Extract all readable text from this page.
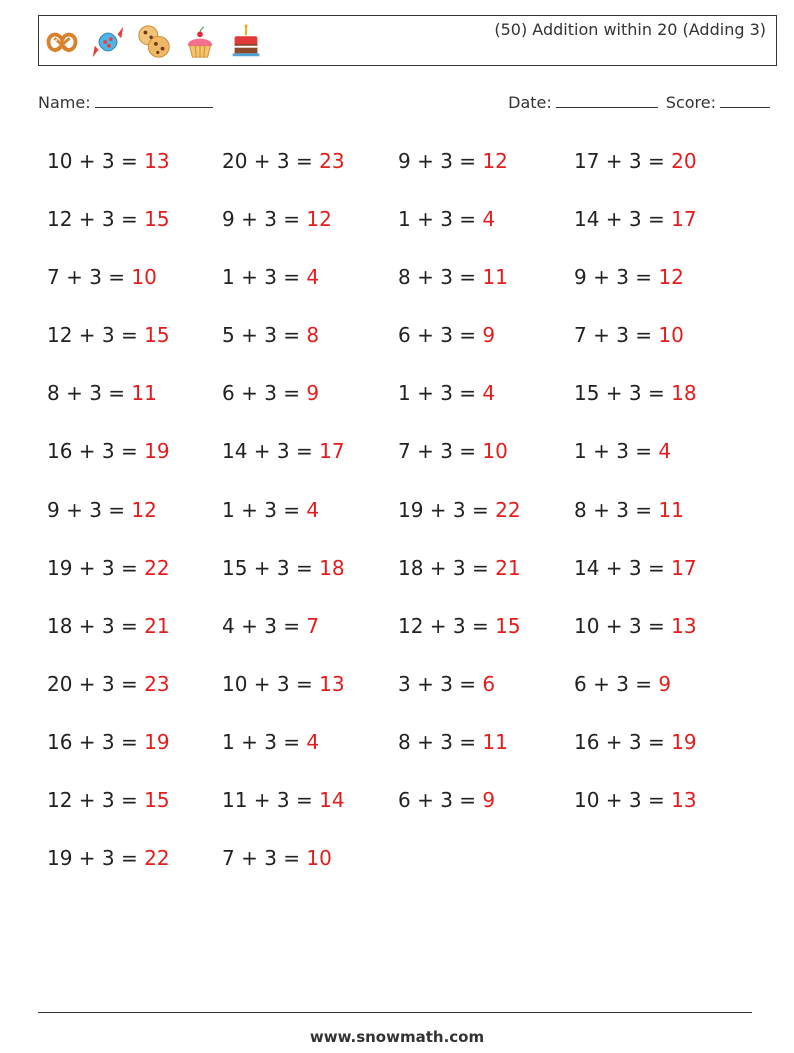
(50) Addition within 20 (Adding 3)
Name:	Date:	Score:
10 + 3 = 13	20 + 3 = 23	9 + 3 = 12	17 + 3 = 20
12 + 3 = 15	9 + 3 = 12	1 + 3 = 4	14 + 3 = 17
7 + 3 = 10	1 + 3 = 4	8 + 3 = 11	9 + 3 = 12
12 + 3 = 15	5 + 3 = 8	6 + 3 = 9	7 + 3 = 10
8 + 3 = 11	6 + 3 = 9	1 + 3 = 4	15 + 3 = 18
16 + 3 = 19	14 + 3 = 17	7 + 3 = 10	1 + 3 = 4
9 + 3 = 12	1 + 3 = 4	19 + 3 = 22	8 + 3 = 11
19 + 3 = 22	15 + 3 = 18	18 + 3 = 21	14 + 3 = 17
18 + 3 = 21	4 + 3 = 7	12 + 3 = 15	10 + 3 = 13
20 + 3 = 23	10 + 3 = 13	3 + 3 = 6	6 + 3 = 9
16 + 3 = 19	1 + 3 = 4	8 + 3 = 11	16 + 3 = 19
12 + 3 = 15	11 + 3 = 14	6 + 3 = 9	10 + 3 = 13
19 + 3 = 22	7 + 3 = 10
www.snowmath.com
